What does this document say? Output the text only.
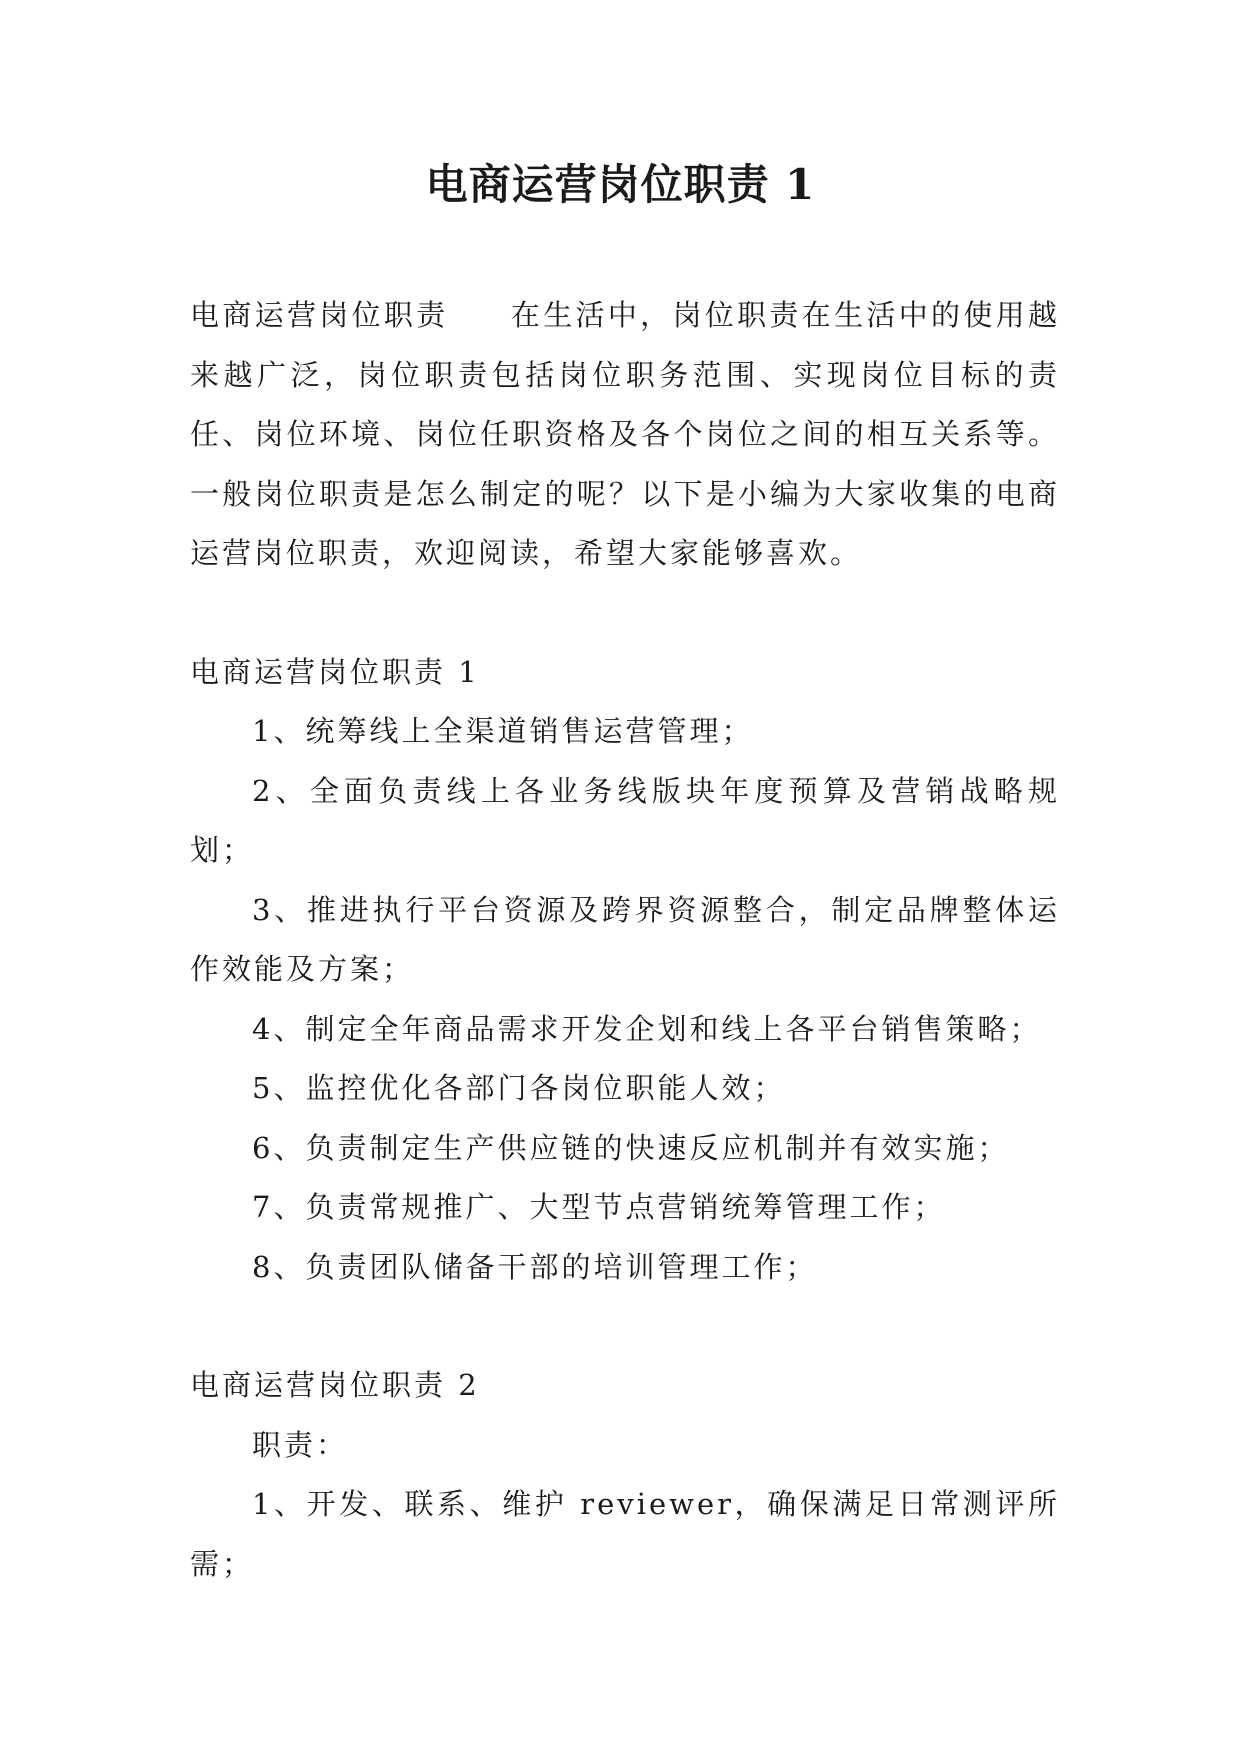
电商运营岗位职责 1

电商运营岗位职责 在生活中，岗位职责在生活中的使用越来越广泛，岗位职责包括岗位职务范围、实现岗位目标的责任、岗位环境、岗位任职资格及各个岗位之间的相互关系等。一般岗位职责是怎么制定的呢？以下是小编为大家收集的电商运营岗位职责，欢迎阅读，希望大家能够喜欢。

电商运营岗位职责 1

1、统筹线上全渠道销售运营管理；

2、全面负责线上各业务线版块年度预算及营销战略规划；

3、推进执行平台资源及跨界资源整合，制定品牌整体运作效能及方案；

4、制定全年商品需求开发企划和线上各平台销售策略；

5、监控优化各部门各岗位职能人效；

6、负责制定生产供应链的快速反应机制并有效实施；

7、负责常规推广、大型节点营销统筹管理工作；

8、负责团队储备干部的培训管理工作；

电商运营岗位职责 2

职责：

1、开发、联系、维护 reviewer，确保满足日常测评所需；
